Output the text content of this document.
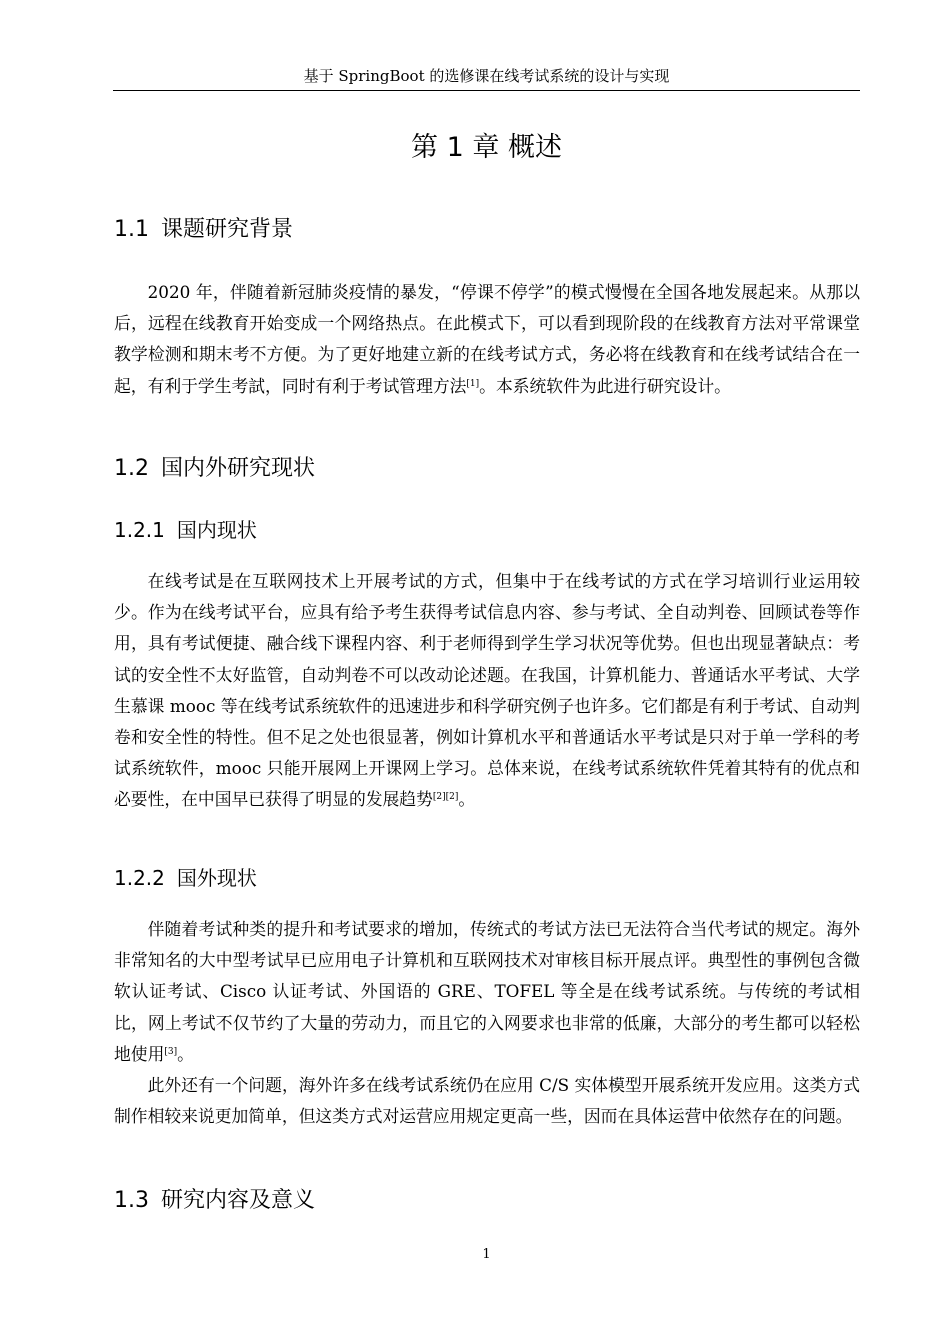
基于 SpringBoot 的选修课在线考试系统的设计与实现
第 1 章 概述
1.1 课题研究背景
2020 年，伴随着新冠肺炎疫情的暴发，“停课不停学”的模式慢慢在全国各地发展起来。从那以后，远程在线教育开始变成一个网络热点。在此模式下，可以看到现阶段的在线教育方法对平常课堂教学检测和期末考不方便。为了更好地建立新的在线考试方式，务必将在线教育和在线考试结合在一起，有利于学生考試，同时有利于考试管理方法[1]。本系统软件为此进行研究设计。
1.2 国内外研究现状
1.2.1 国内现状
在线考试是在互联网技术上开展考试的方式，但集中于在线考试的方式在学习培训行业运用较少。作为在线考试平台，应具有给予考生获得考试信息内容、参与考试、全自动判卷、回顾试卷等作用，具有考试便捷、融合线下课程内容、利于老师得到学生学习状况等优势。但也出现显著缺点：考试的安全性不太好监管，自动判卷不可以改动论述题。在我国，计算机能力、普通话水平考试、大学生慕课 mooc 等在线考试系统软件的迅速进步和科学研究例子也许多。它们都是有利于考试、自动判卷和安全性的特性。但不足之处也很显著，例如计算机水平和普通话水平考试是只对于单一学科的考试系统软件，mooc 只能开展网上开课网上学习。总体来说，在线考试系统软件凭着其特有的优点和必要性，在中国早已获得了明显的发展趋势[2][2]。
1.2.2 国外现状
伴随着考试种类的提升和考试要求的增加，传统式的考试方法已无法符合当代考试的规定。海外非常知名的大中型考试早已应用电子计算机和互联网技术对审核目标开展点评。典型性的事例包含微软认证考试、Cisco 认证考试、外国语的 GRE、TOFEL 等全是在线考试系统。与传统的考试相比，网上考试不仅节约了大量的劳动力，而且它的入网要求也非常的低廉，大部分的考生都可以轻松地使用[3]。
此外还有一个问题，海外许多在线考试系统仍在应用 C/S 实体模型开展系统开发应用。这类方式制作相较来说更加简单，但这类方式对运营应用规定更高一些，因而在具体运营中依然存在的问题。
1.3 研究内容及意义
1
